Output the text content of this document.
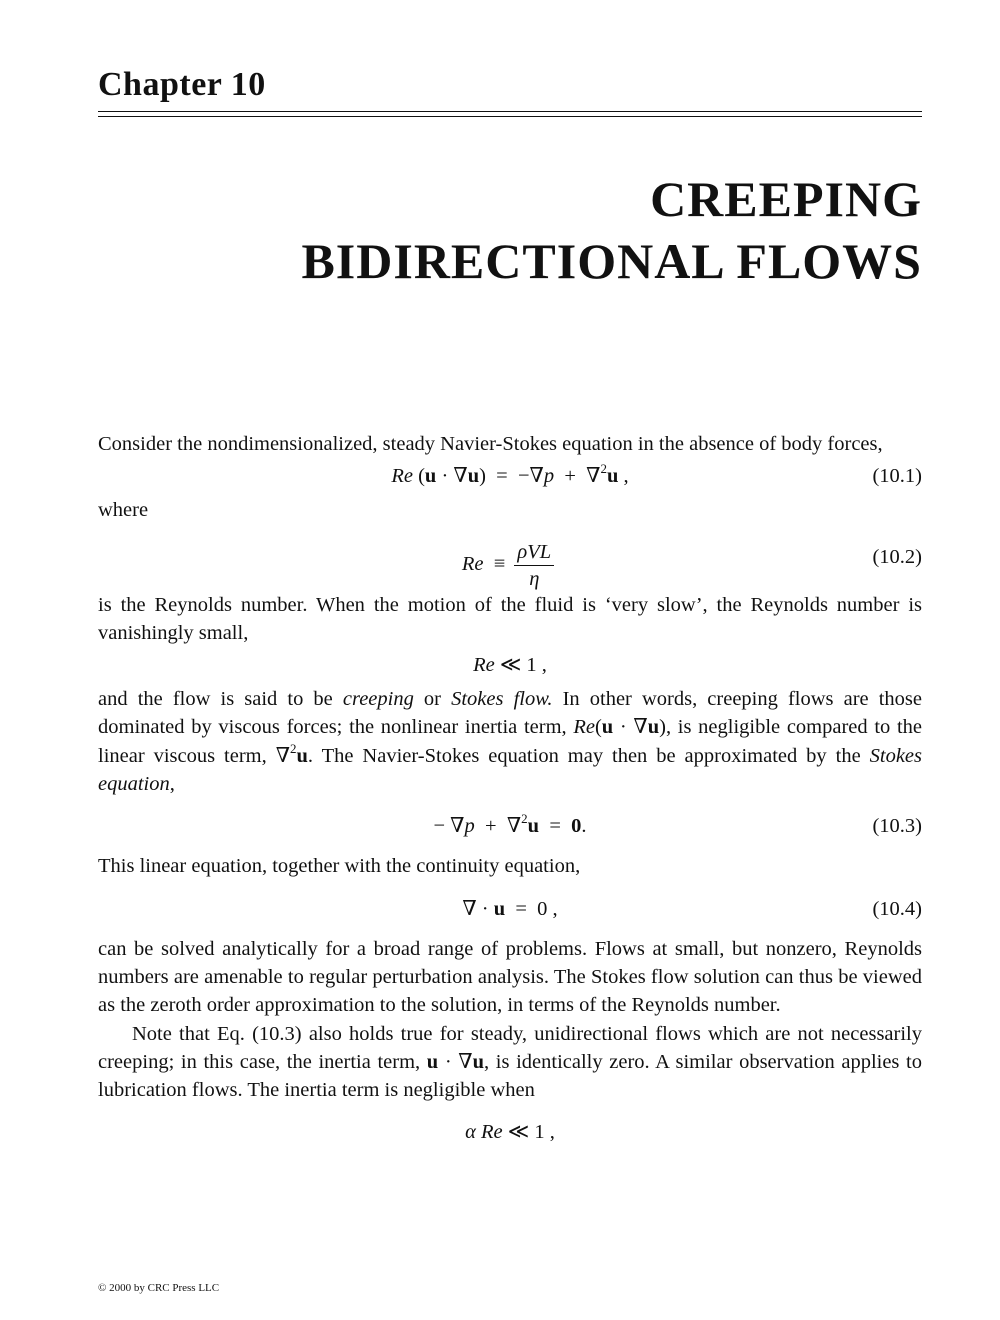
Chapter 10
CREEPING
BIDIRECTIONAL FLOWS

Consider the nondimensionalized, steady Navier-Stokes equation in the absence of body forces,

Re (u · ∇u)  =  −∇p  +  ∇$^2$u ,	(10.1)

where

$Re \equiv \frac{\text{ρVL}}{\eta}$	(10.2)

is the Reynolds number. When the motion of the fluid is ‘very slow’, the Reynolds number is vanishingly small,

Re ≪ 1 ,

and the flow is said to be creeping or Stokes flow. In other words, creeping flows are those dominated by viscous forces; the nonlinear inertia term, Re(u · ∇u), is negligible compared to the linear viscous term, ∇$^2$u. The Navier-Stokes equation may then be approximated by the Stokes equation,

− ∇p  +  ∇$^2$u  =  0.	(10.3)

This linear equation, together with the continuity equation,

∇ · u  =  0 ,	(10.4)

can be solved analytically for a broad range of problems. Flows at small, but nonzero, Reynolds numbers are amenable to regular perturbation analysis. The Stokes flow solution can thus be viewed as the zeroth order approximation to the solution, in terms of the Reynolds number.

Note that Eq. (10.3) also holds true for steady, unidirectional flows which are not necessarily creeping; in this case, the inertia term, u · ∇u, is identically zero. A similar observation applies to lubrication flows. The inertia term is negligible when

α Re ≪ 1 ,
© 2000 by CRC Press LLC
